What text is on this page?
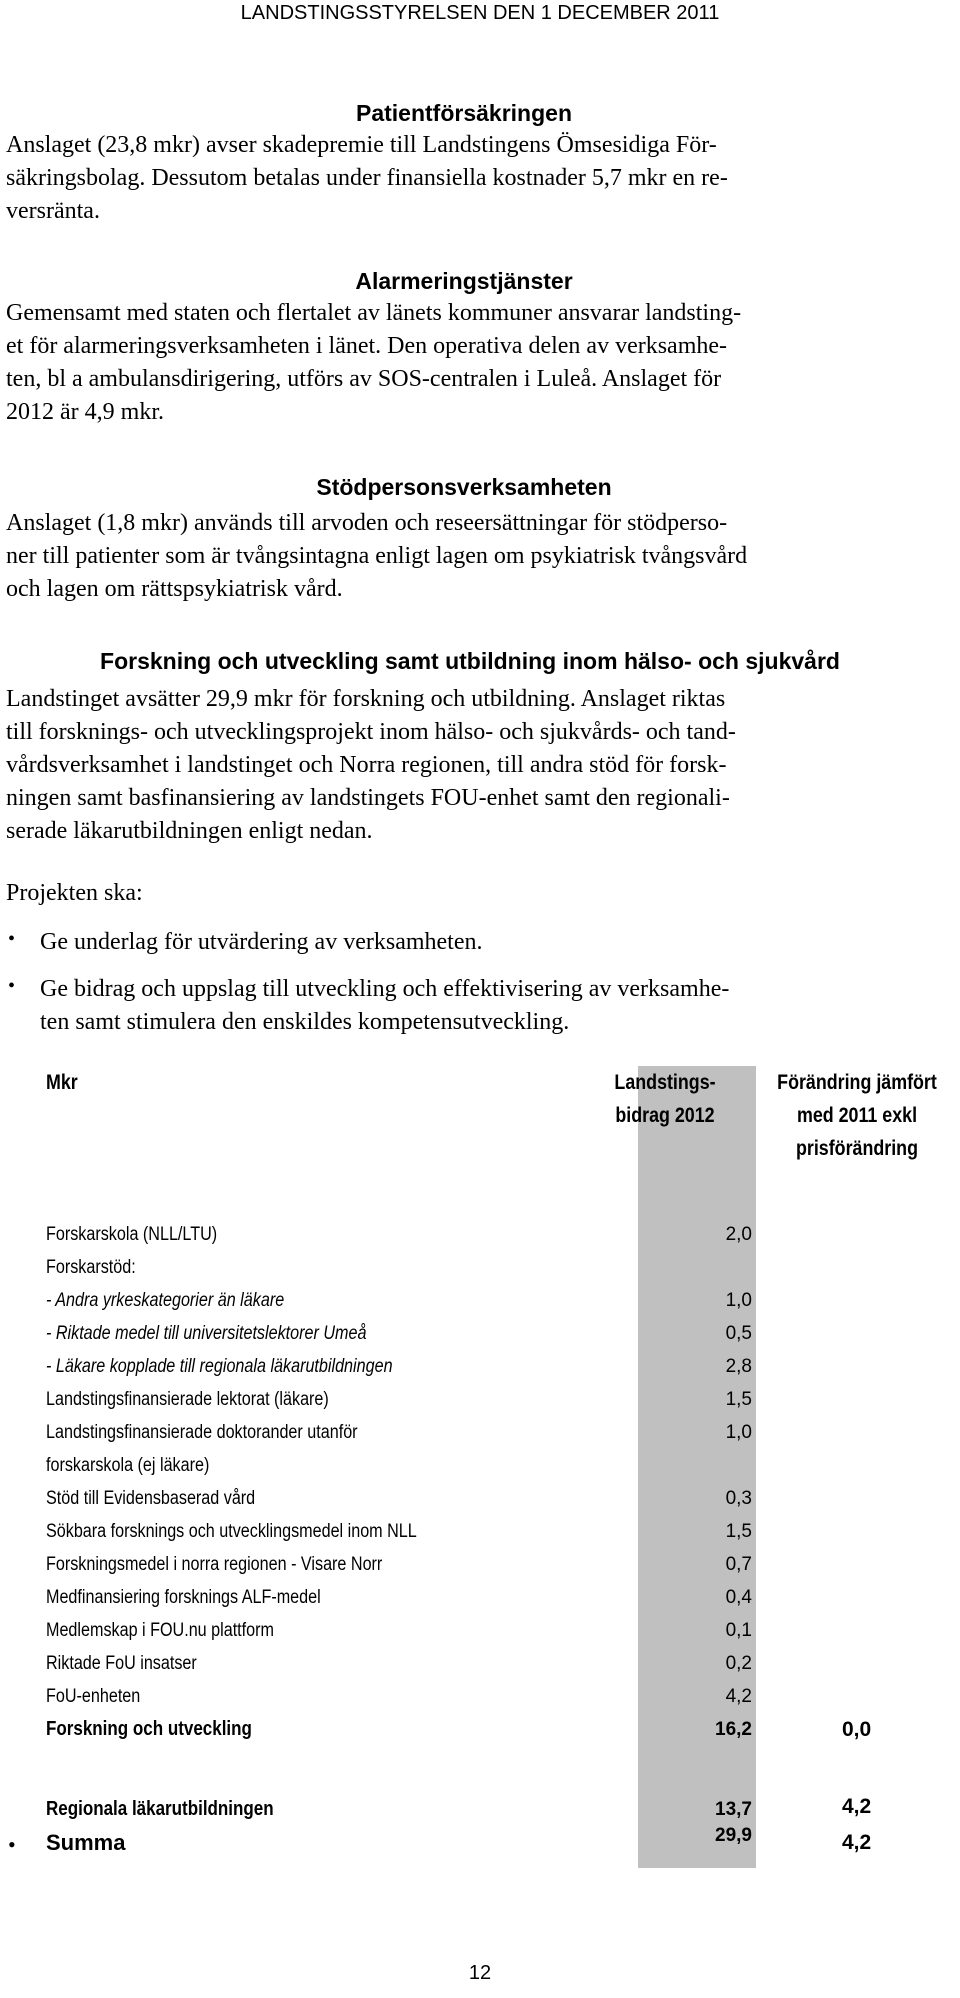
LANDSTINGSSTYRELSEN DEN 1 DECEMBER 2011
Patientförsäkringen
Anslaget (23,8 mkr) avser skadepremie till Landstingens Ömsesidiga För-
säkringsbolag. Dessutom betalas under finansiella kostnader 5,7 mkr en re-
versränta.
Alarmeringstjänster
Gemensamt med staten och flertalet av länets kommuner ansvarar landsting-
et för alarmeringsverksamheten i länet. Den operativa delen av verksamhe-
ten, bl a ambulansdirigering, utförs av SOS-centralen i Luleå. Anslaget för
2012 är 4,9 mkr.
Stödpersonsverksamheten
Anslaget (1,8 mkr) används till arvoden och reseersättningar för stödperso-
ner till patienter som är tvångsintagna enligt lagen om psykiatrisk tvångsvård
och lagen om rättspsykiatrisk vård.
Forskning och utveckling samt utbildning inom hälso- och sjukvård
Landstinget avsätter 29,9 mkr för forskning och utbildning. Anslaget riktas
till forsknings- och utvecklingsprojekt inom hälso- och sjukvårds- och tand-
vårdsverksamhet i landstinget och Norra regionen, till andra stöd för forsk-
ningen samt basfinansiering av landstingets FOU-enhet samt den regionali-
serade läkarutbildningen enligt nedan.
Projekten ska:
• Ge underlag för utvärdering av verksamheten.
• Ge bidrag och uppslag till utveckling och effektivisering av verksamhe-
ten samt stimulera den enskildes kompetensutveckling.
Mkr	Landstings-
bidrag 2012
Förändring jämfört
med 2011 exkl
prisförändring
Forskarskola (NLL/LTU)	2,0
Forskarstöd:
- Andra yrkeskategorier än läkare	1,0
- Riktade medel till universitetslektorer Umeå	0,5
- Läkare kopplade till regionala läkarutbildningen	2,8
Landstingsfinansierade lektorat (läkare)	1,5
Landstingsfinansierade doktorander utanför	1,0
forskarskola (ej läkare)
Stöd till Evidensbaserad vård	0,3
Sökbara forsknings och utvecklingsmedel inom NLL	1,5
Forskningsmedel i norra regionen - Visare Norr	0,7
Medfinansiering forsknings ALF-medel	0,4
Medlemskap i FOU.nu plattform	0,1
Riktade FoU insatser	0,2
FoU-enheten	4,2
Forskning och utveckling	16,2	0,0
Regionala läkarutbildningen	13,7	4,2
• Summa	29,9	4,2
12
